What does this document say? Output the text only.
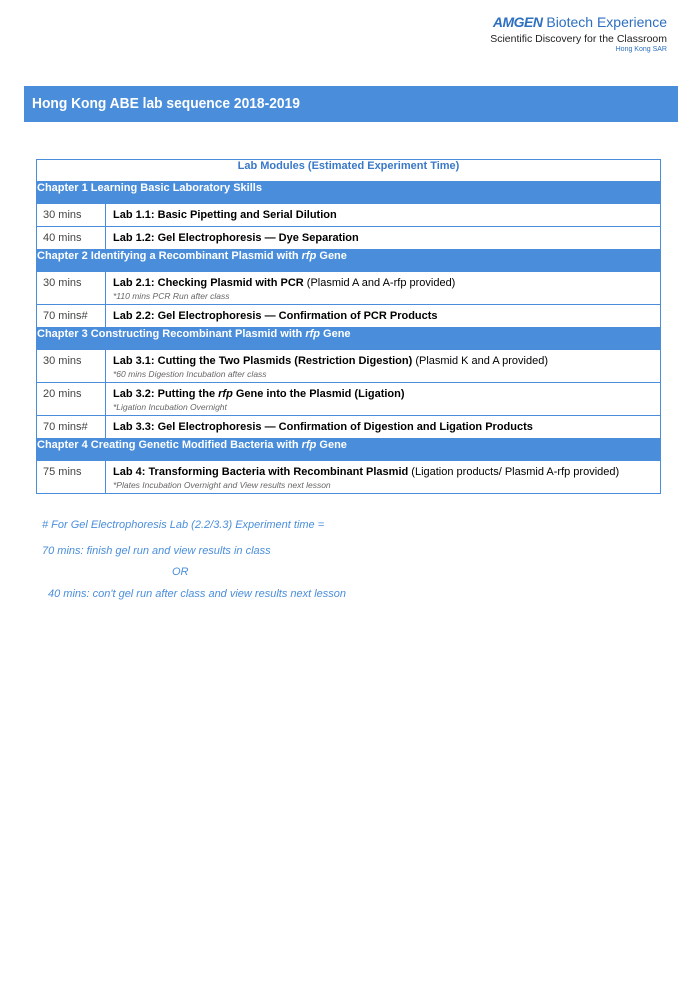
AMGEN Biotech Experience
Scientific Discovery for the Classroom
Hong Kong SAR
Hong Kong ABE lab sequence 2018-2019
Lab Modules (Estimated Experiment Time)	
Chapter 1 Learning Basic Laboratory Skills	
30 mins	Lab 1.1: Basic Pipetting and Serial Dilution
40 mins	Lab 1.2: Gel Electrophoresis — Dye Separation
Chapter 2 Identifying a Recombinant Plasmid with rfp Gene	
30 mins	Lab 2.1: Checking Plasmid with PCR (Plasmid A and A-rfp provided)
*110 mins PCR Run after class

70 mins#	Lab 2.2: Gel Electrophoresis — Confirmation of PCR Products
Chapter 3 Constructing Recombinant Plasmid with rfp Gene	
30 mins	Lab 3.1: Cutting the Two Plasmids (Restriction Digestion) (Plasmid K and A provided)
*60 mins Digestion Incubation after class

20 mins	Lab 3.2: Putting the rfp Gene into the Plasmid (Ligation)
*Ligation Incubation Overnight

70 mins#	Lab 3.3: Gel Electrophoresis — Confirmation of Digestion and Ligation Products
Chapter 4 Creating Genetic Modified Bacteria with rfp Gene	
75 mins	Lab 4: Transforming Bacteria with Recombinant Plasmid (Ligation products/ Plasmid A-rfp provided)
*Plates Incubation Overnight and View results next lesson
# For Gel Electrophoresis Lab (2.2/3.3) Experiment time =
70 mins: finish gel run and view results in class
OR
40 mins: con't gel run after class and view results next lesson
